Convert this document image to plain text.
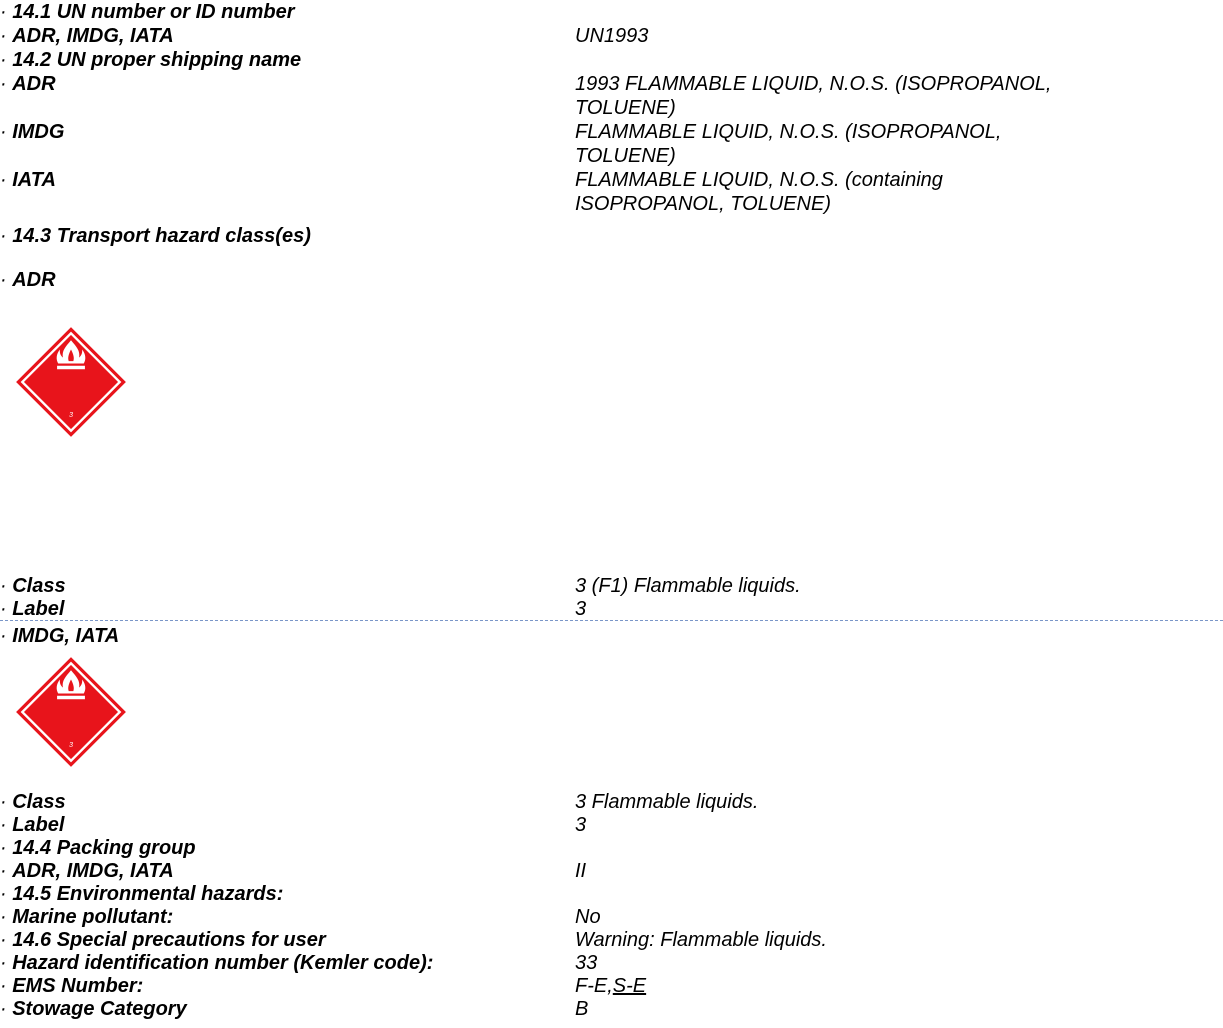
· 14.1 UN number or ID number
· ADR, IMDG, IATA	UN1993
· 14.2 UN proper shipping name
· ADR	1993 FLAMMABLE LIQUID, N.O.S. (ISOPROPANOL,
TOLUENE)
· IMDG	FLAMMABLE LIQUID, N.O.S. (ISOPROPANOL,
TOLUENE)
· IATA	FLAMMABLE LIQUID, N.O.S. (containing
ISOPROPANOL, TOLUENE)
· 14.3 Transport hazard class(es)
· ADR
3
· Class	3 (F1) Flammable liquids.
· Label	3
· IMDG, IATA
3
· Class	3 Flammable liquids.
· Label	3
· 14.4 Packing group
· ADR, IMDG, IATA	II
· 14.5 Environmental hazards:
· Marine pollutant:	No
· 14.6 Special precautions for user	Warning: Flammable liquids.
· Hazard identification number (Kemler code):	33
· EMS Number:	F-E,S-E
· Stowage Category	B
